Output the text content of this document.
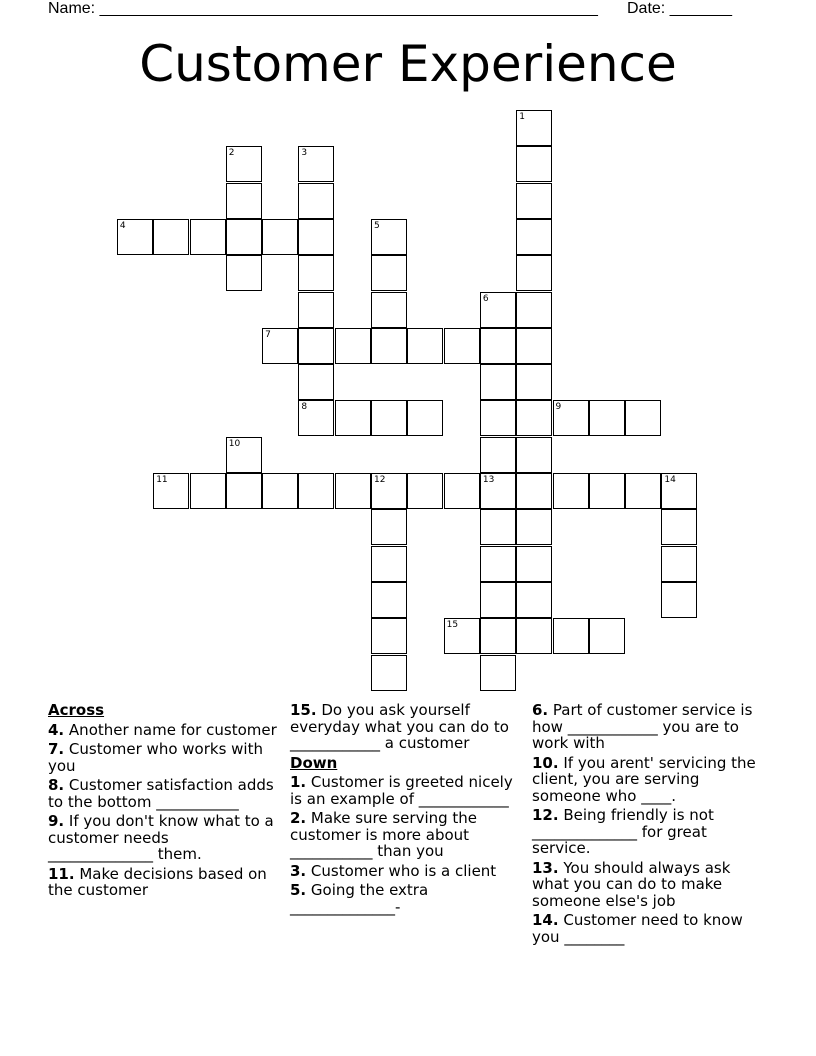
Name: ________________________________________________________ Date: _______
Customer Experience
1
2	3
8
4	5
6
7
9
10
11	12	13	14
15
Across
4. Another name for customer
7. Customer who works with you
8. Customer satisfaction adds to the bottom ___________
9. If you don't know what to a customer needs ______________ them.
11. Make decisions based on the customer
15. Do you ask yourself everyday what you can do to ____________ a customer
Down
1. Customer is greeted nicely is an example of ____________
2. Make sure serving the customer is more about ___________ than you
3. Customer who is a client
5. Going the extra ______________-
6. Part of customer service is how ____________ you are to work with
10. If you arent' servicing the client, you are serving someone who ____.
12. Being friendly is not ______________ for great service.
13. You should always ask what you can do to make someone else's job
14. Customer need to know you ________
